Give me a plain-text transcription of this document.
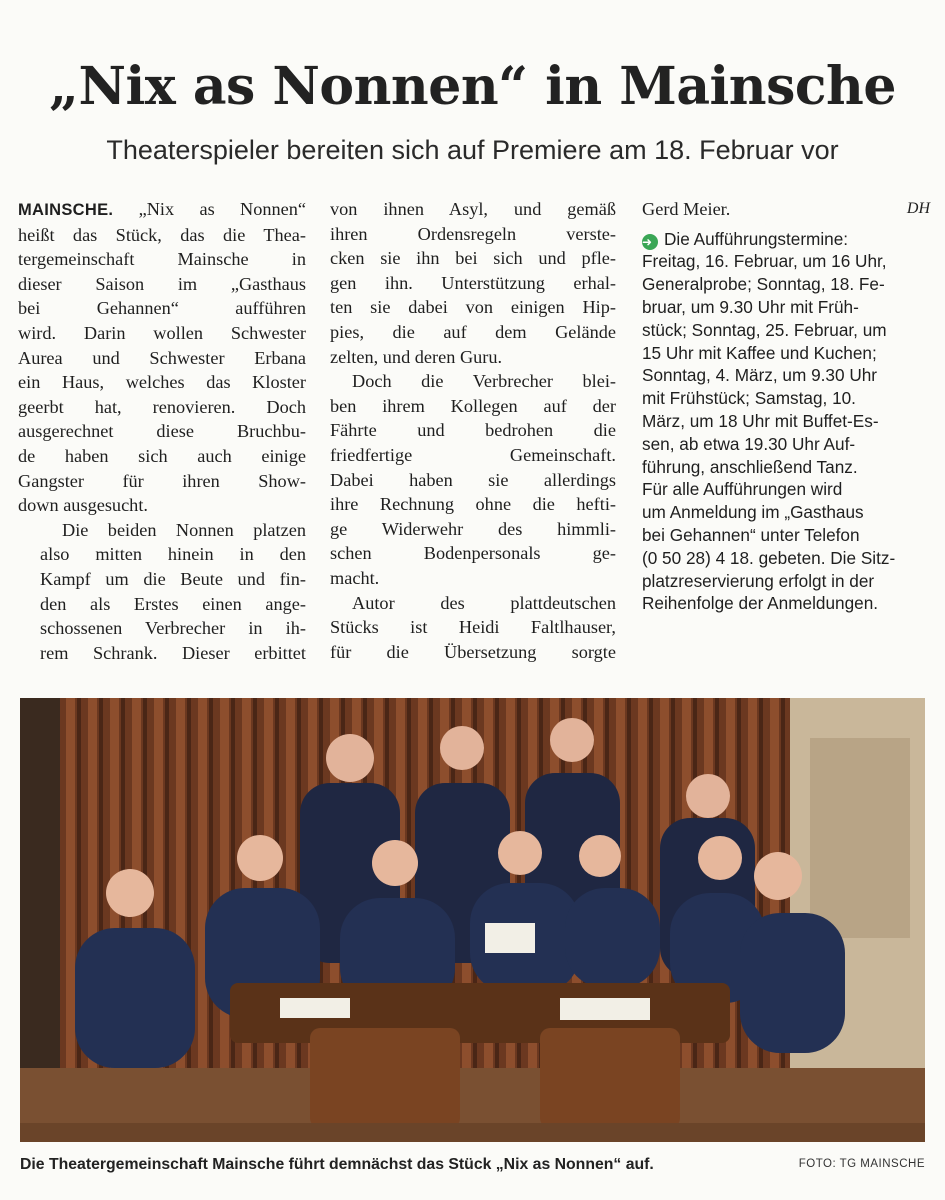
„Nix as Nonnen“ in Mainsche
Theaterspieler bereiten sich auf Premiere am 18. Februar vor

MAINSCHE. „Nix as Nonnen“
heißt das Stück, das die Thea-
tergemeinschaft Mainsche in
dieser Saison im „Gasthaus
bei Gehannen“ aufführen
wird. Darin wollen Schwester
Aurea und Schwester Erbana
ein Haus, welches das Kloster
geerbt hat, renovieren. Doch
ausgerechnet diese Bruchbu-
de haben sich auch einige
Gangster für ihren Show-
down ausgesucht.

Die beiden Nonnen platzen
also mitten hinein in den
Kampf um die Beute und fin-
den als Erstes einen ange-
schossenen Verbrecher in ih-
rem Schrank. Dieser erbittet

von ihnen Asyl, und gemäß
ihren Ordensregeln verste-
cken sie ihn bei sich und pfle-
gen ihn. Unterstützung erhal-
ten sie dabei von einigen Hip-
pies, die auf dem Gelände
zelten, und deren Guru.

Doch die Verbrecher blei-
ben ihrem Kollegen auf der
Fährte und bedrohen die
friedfertige Gemeinschaft.
Dabei haben sie allerdings
ihre Rechnung ohne die hefti-
ge Widerwehr des himmli-
schen Bodenpersonals ge-
macht.

Autor des plattdeutschen
Stücks ist Heidi Faltlhauser,
für die Übersetzung sorgte

Gerd Meier.	DH
➜ Die Aufführungstermine:
Freitag, 16. Februar, um 16 Uhr,
Generalprobe; Sonntag, 18. Fe-
bruar, um 9.30 Uhr mit Früh-
stück; Sonntag, 25. Februar, um
15 Uhr mit Kaffee und Kuchen;
Sonntag, 4. März, um 9.30 Uhr
mit Frühstück; Samstag, 10.
März, um 18 Uhr mit Buffet-Es-
sen, ab etwa 19.30 Uhr Auf-
führung, anschließend Tanz.
Für alle Aufführungen wird
um Anmeldung im „Gasthaus
bei Gehannen“ unter Telefon
(0 50 28) 4 18. gebeten. Die Sitz-
platzreservierung erfolgt in der
Reihenfolge der Anmeldungen.
Die Theatergemeinschaft Mainsche führt demnächst das Stück „Nix as Nonnen“ auf.	FOTO: TG MAINSCHE
